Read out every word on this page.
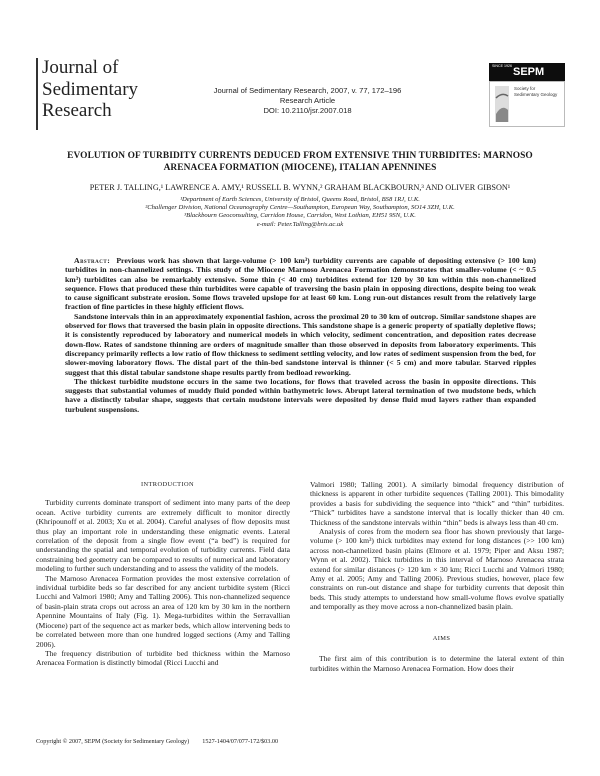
Journal of
Sedimentary
Research
Journal of Sedimentary Research, 2007, v. 77, 172–196
Research Article
DOI: 10.2110/jsr.2007.018
SINCE 1926 SEPM
Society for
Sedimentary Geology
EVOLUTION OF TURBIDITY CURRENTS DEDUCED FROM EXTENSIVE THIN TURBIDITES: MARNOSO
ARENACEA FORMATION (MIOCENE), ITALIAN APENNINES
PETER J. TALLING,¹ LAWRENCE A. AMY,¹ RUSSELL B. WYNN,² GRAHAM BLACKBOURN,³ AND OLIVER GIBSON¹
¹Department of Earth Sciences, University of Bristol, Queens Road, Bristol, BS8 1RJ, U.K.
²Challenger Division, National Oceanography Centre—Southampton, European Way, Southampton, SO14 3ZH, U.K.
³Blackbourn Geoconsulting, Carridon House, Carridon, West Lothian, EH51 9SN, U.K.
e-mail: Peter.Talling@bris.ac.uk

Abstract: Previous work has shown that large-volume (> 100 km³) turbidity currents are capable of depositing extensive (> 100 km) turbidites in non-channelized settings. This study of the Miocene Marnoso Arenacea Formation demonstrates that smaller-volume (< ~ 0.5 km³) turbidites can also be remarkably extensive. Some thin (< 40 cm) turbidites extend for 120 by 30 km within this non-channelized sequence. Flows that produced these thin turbidites were capable of traversing the basin plain in opposing directions, despite being too weak to cause significant substrate erosion. Some flows traveled upslope for at least 60 km. Long run-out distances result from the relatively large fraction of fine particles in these highly efficient flows.

Sandstone intervals thin in an approximately exponential fashion, across the proximal 20 to 30 km of outcrop. Similar sandstone shapes are observed for flows that traversed the basin plain in opposite directions. This sandstone shape is a generic property of spatially depletive flows; it is consistently reproduced by laboratory and numerical models in which velocity, sediment concentration, and deposition rates decrease down-flow. Rates of sandstone thinning are orders of magnitude smaller than those observed in deposits from laboratory experiments. This discrepancy primarily reflects a low ratio of flow thickness to sediment settling velocity, and low rates of sediment suspension from the bed, for slower-moving laboratory flows. The distal part of the thin-bed sandstone interval is thinner (< 5 cm) and more tabular. Starved ripples suggest that this distal tabular sandstone shape results partly from bedload reworking.

The thickest turbidite mudstone occurs in the same two locations, for flows that traveled across the basin in opposite directions. This suggests that substantial volumes of muddy fluid ponded within bathymetric lows. Abrupt lateral termination of two mudstone beds, which have a distinctly tabular shape, suggests that certain mudstone intervals were deposited by dense fluid mud layers rather than expanded turbulent suspensions.

INTRODUCTION

Turbidity currents dominate transport of sediment into many parts of the deep ocean. Active turbidity currents are extremely difficult to monitor directly (Khripounoff et al. 2003; Xu et al. 2004). Careful analyses of flow deposits must thus play an important role in understanding these enigmatic events. Lateral correlation of the deposit from a single flow event (“a bed”) is required for understanding the spatial and temporal evolution of turbidity currents. Field data constraining bed geometry can be compared to results of numerical and laboratory modeling to further such understanding and to assess the validity of the models.

The Marnoso Arenacea Formation provides the most extensive correlation of individual turbidite beds so far described for any ancient turbidite system (Ricci Lucchi and Valmori 1980; Amy and Talling 2006). This non-channelized sequence of basin-plain strata crops out across an area of 120 km by 30 km in the northern Apennine Mountains of Italy (Fig. 1). Mega-turbidites within the Serravallian (Miocene) part of the sequence act as marker beds, which allow intervening beds to be correlated between more than one hundred logged sections (Amy and Talling 2006).

The frequency distribution of turbidite bed thickness within the Marnoso Arenacea Formation is distinctly bimodal (Ricci Lucchi and

Valmori 1980; Talling 2001). A similarly bimodal frequency distribution of thickness is apparent in other turbidite sequences (Talling 2001). This bimodality provides a basis for subdividing the sequence into “thick” and “thin” turbidites. “Thick” turbidites have a sandstone interval that is locally thicker than 40 cm. Thickness of the sandstone intervals within “thin” beds is always less than 40 cm.

Analysis of cores from the modern sea floor has shown previously that large-volume (> 100 km³) thick turbidites may extend for long distances (>> 100 km) across non-channelized basin plains (Elmore et al. 1979; Piper and Aksu 1987; Wynn et al. 2002). Thick turbidites in this interval of Marnoso Arenacea strata extend for similar distances (> 120 km × 30 km; Ricci Lucchi and Valmori 1980; Amy et al. 2005; Amy and Talling 2006). Previous studies, however, place few constraints on run-out distance and shape for turbidity currents that deposit thin beds. This study attempts to understand how small-volume flows evolve spatially and temporally as they move across a non-channelized basin plain.

AIMS

The first aim of this contribution is to determine the lateral extent of thin turbidites within the Marnoso Arenacea Formation. How does their

Copyright © 2007, SEPM (Society for Sedimentary Geology) 1527-1404/07/077-172/$03.00
